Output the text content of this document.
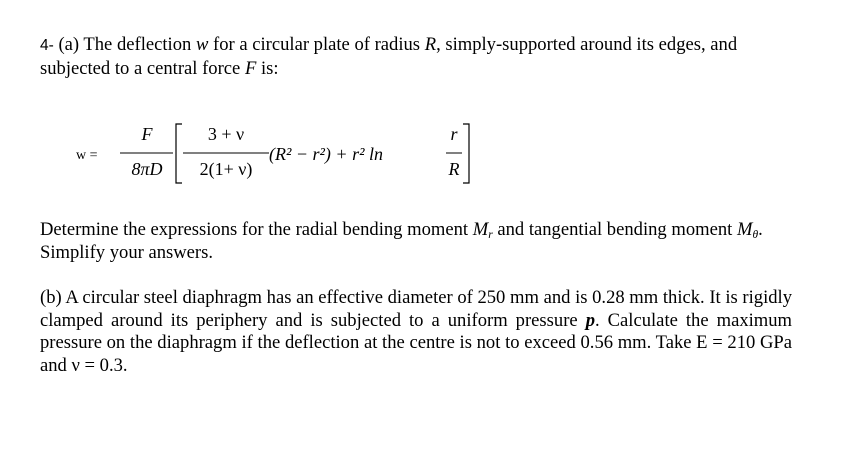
4- (a) The deflection w for a circular plate of radius R, simply-supported around its edges, and subjected to a central force F is:

w =
F
8πD
3 + ν
2(1+ ν)
(R² − r²) + r² ln
r
R

Determine the expressions for the radial bending moment $M_r$ and tangential bending moment $M_\theta$. Simplify your answers.

(b) A circular steel diaphragm has an effective diameter of 250 mm and is 0.28 mm thick. It is rigidly clamped around its periphery and is subjected to a uniform pressure p. Calculate the maximum pressure on the diaphragm if the deflection at the centre is not to exceed 0.56 mm. Take E = 210 GPa and ν = 0.3.
